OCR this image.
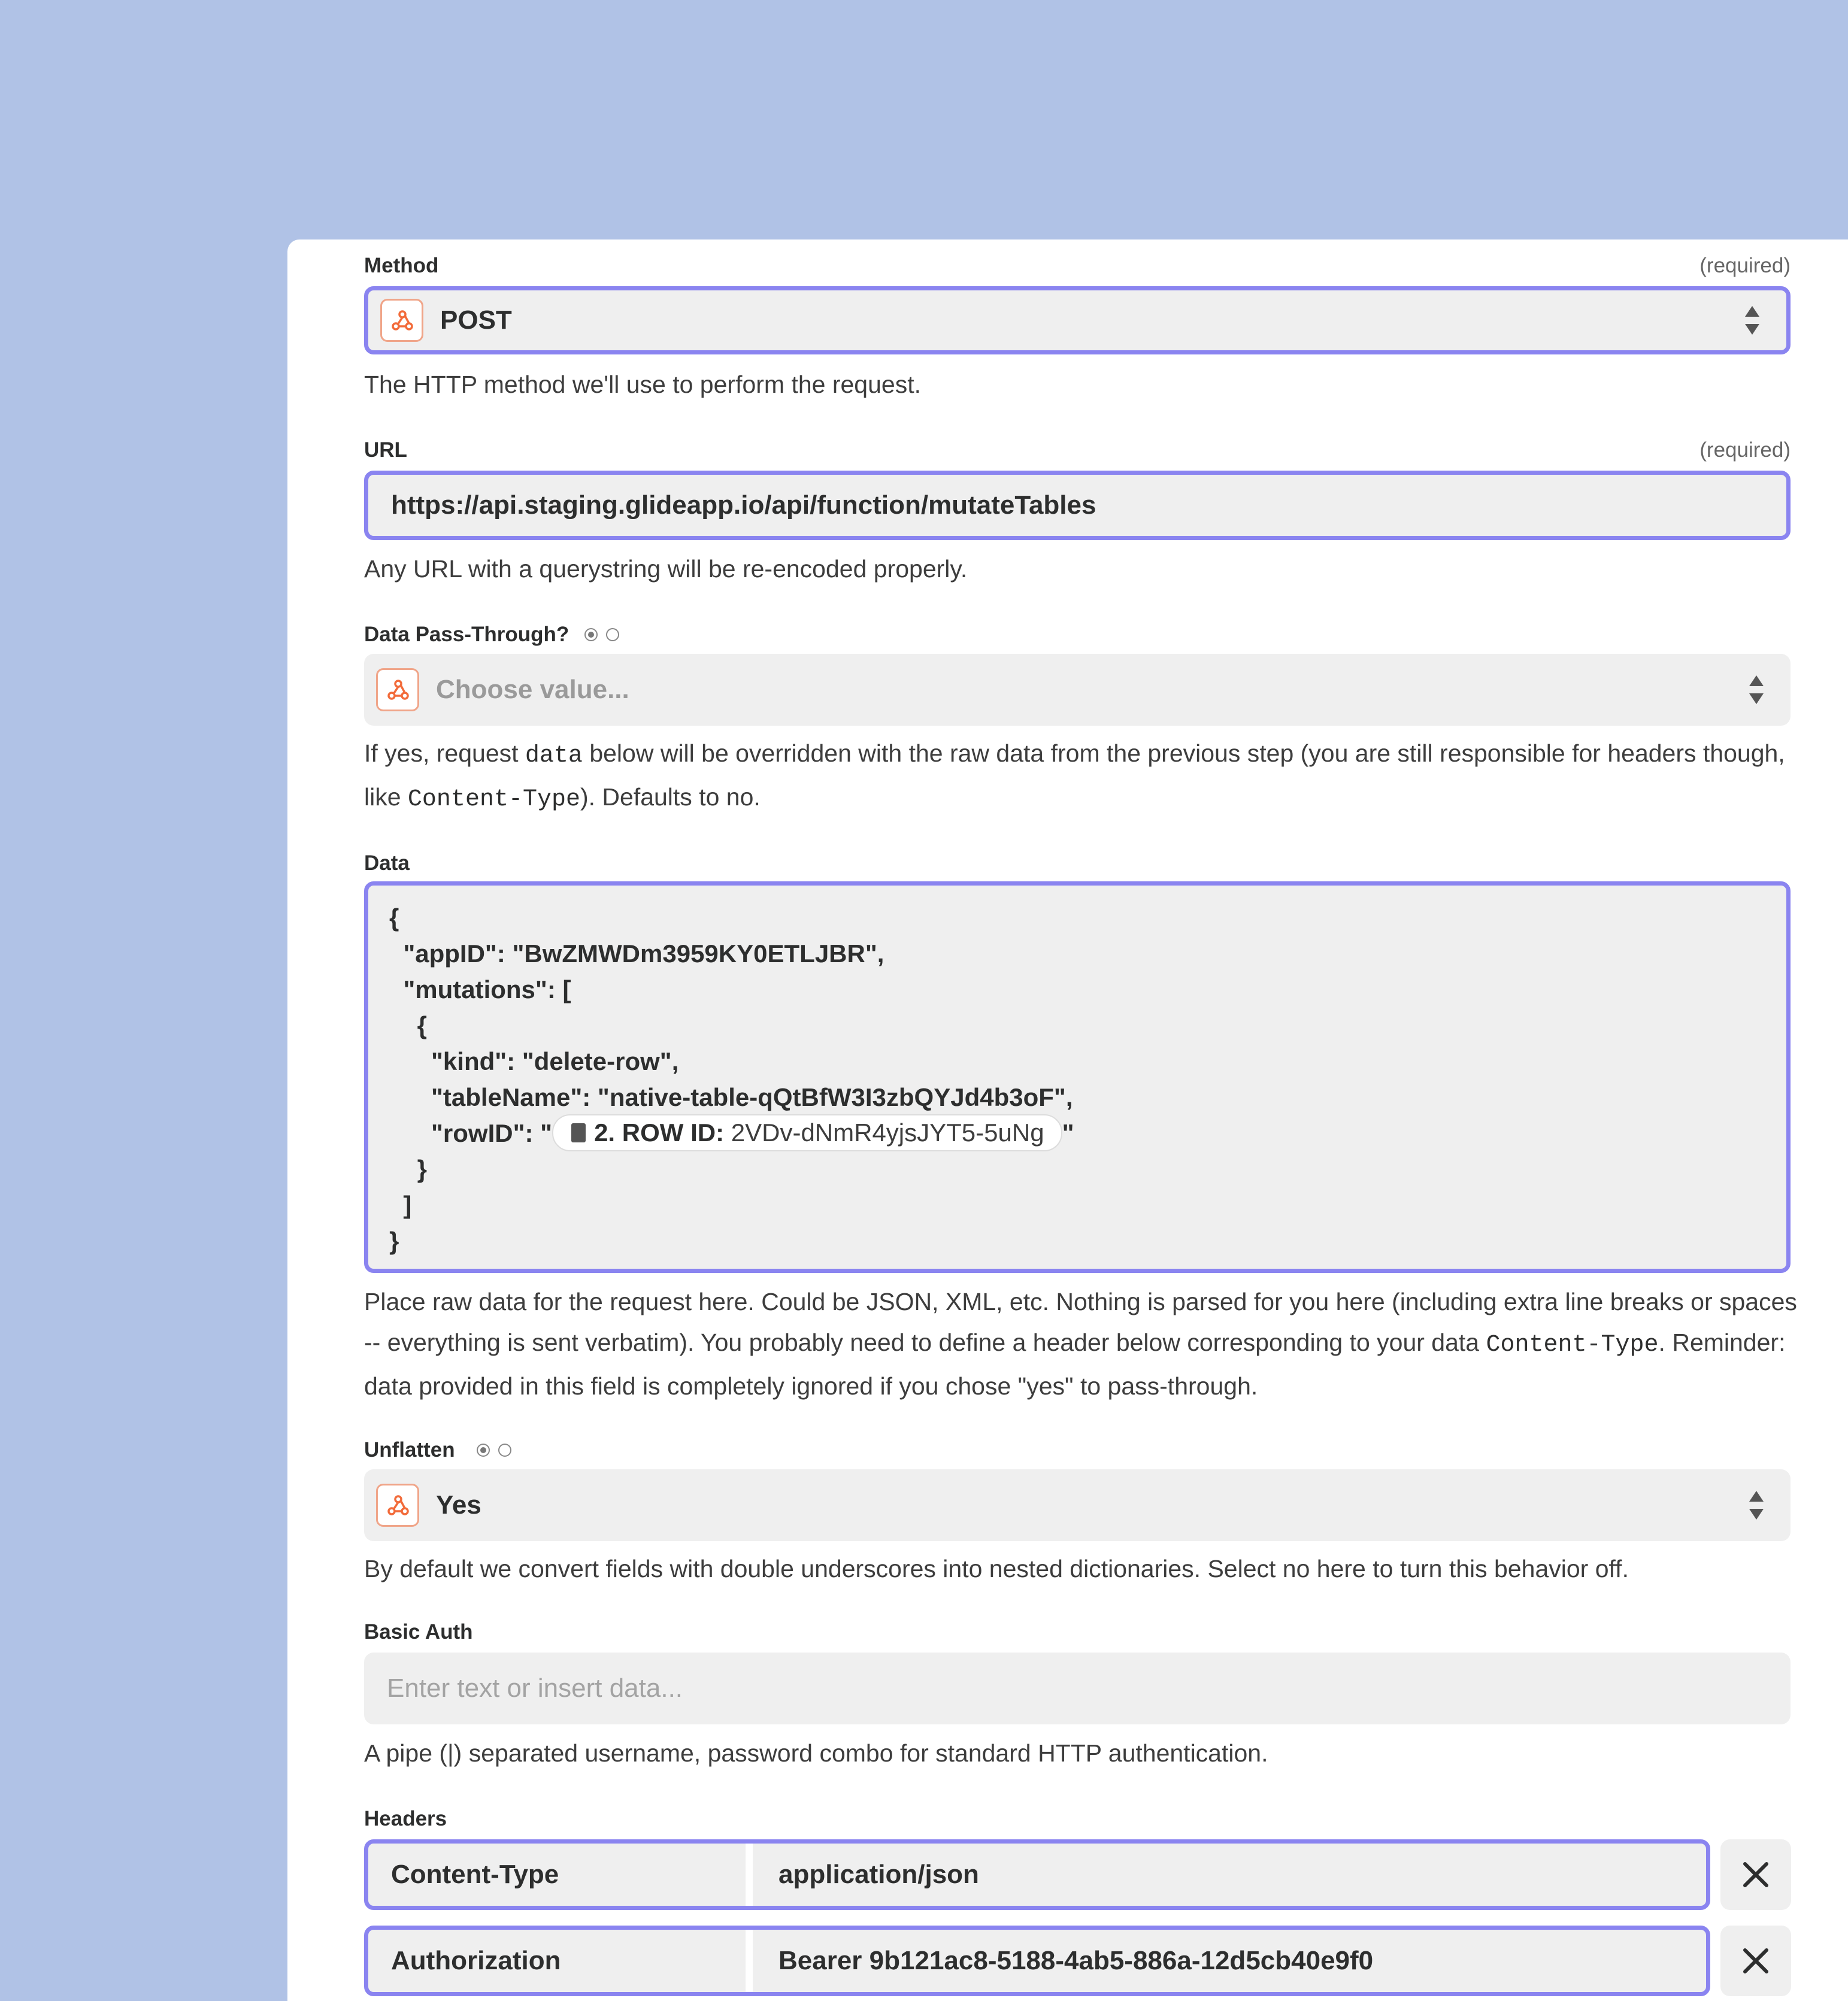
Method	(required)
POST
The HTTP method we'll use to perform the request.
URL	(required)
https://api.staging.glideapp.io/api/function/mutateTables
Any URL with a querystring will be re-encoded properly.
Data Pass-Through?
Choose value...
If yes, request data below will be overridden with the raw data from the previous step (you are still responsible for headers though, like Content-Type). Defaults to no.
Data
{
"appID": "BwZMWDm3959KY0ETLJBR",
"mutations": [
{
"kind": "delete-row",
"tableName": "native-table-qQtBfW3I3zbQYJd4b3oF",
"rowID": " 2. ROW ID: 2VDv-dNmR4yjsJYT5-5uNg "
}
]
}
Place raw data for the request here. Could be JSON, XML, etc. Nothing is parsed for you here (including extra line breaks or spaces -- everything is sent verbatim). You probably need to define a header below corresponding to your data Content-Type. Reminder: data provided in this field is completely ignored if you chose "yes" to pass-through.
Unflatten
Yes
By default we convert fields with double underscores into nested dictionaries. Select no here to turn this behavior off.
Basic Auth
Enter text or insert data...
A pipe (|) separated username, password combo for standard HTTP authentication.
Headers
Content-Type	application/json
Authorization	Bearer 9b121ac8-5188-4ab5-886a-12d5cb40e9f0
